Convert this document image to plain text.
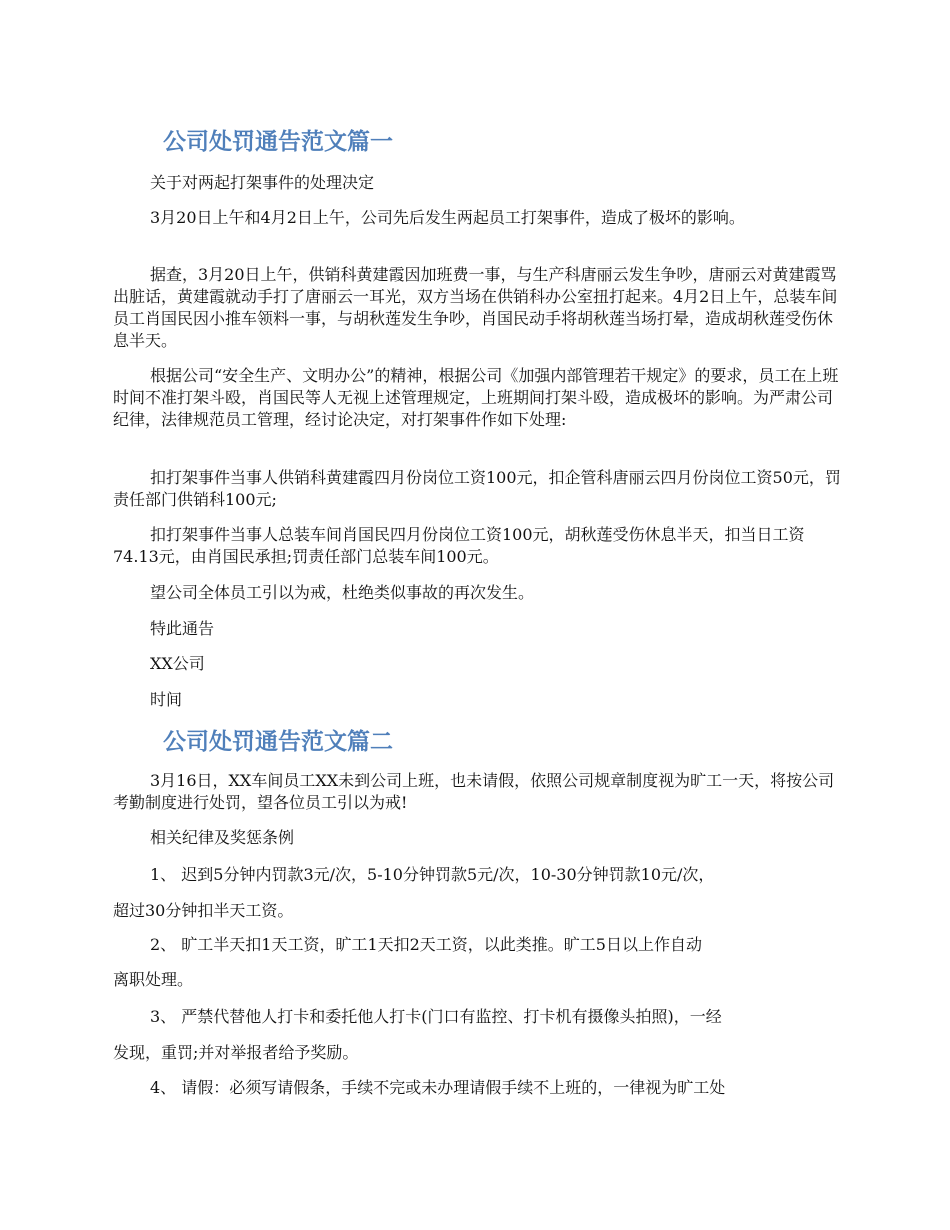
公司处罚通告范文篇一

关于对两起打架事件的处理决定

3月20日上午和4月2日上午，公司先后发生两起员工打架事件，造成了极坏的影响。

据查，3月20日上午，供销科黄建霞因加班费一事，与生产科唐丽云发生争吵，唐丽云对黄建霞骂出脏话，黄建霞就动手打了唐丽云一耳光，双方当场在供销科办公室扭打起来。4月2日上午，总装车间员工肖国民因小推车领料一事，与胡秋莲发生争吵，肖国民动手将胡秋莲当场打晕，造成胡秋莲受伤休息半天。

根据公司“安全生产、文明办公”的精神，根据公司《加强内部管理若干规定》的要求，员工在上班时间不准打架斗殴，肖国民等人无视上述管理规定，上班期间打架斗殴，造成极坏的影响。为严肃公司纪律，法律规范员工管理，经讨论决定，对打架事件作如下处理:

扣打架事件当事人供销科黄建霞四月份岗位工资100元，扣企管科唐丽云四月份岗位工资50元，罚责任部门供销科100元;

扣打架事件当事人总装车间肖国民四月份岗位工资100元，胡秋莲受伤休息半天，扣当日工资74.13元，由肖国民承担;罚责任部门总装车间100元。

望公司全体员工引以为戒，杜绝类似事故的再次发生。

特此通告

XX公司

时间

公司处罚通告范文篇二

3月16日，XX车间员工XX未到公司上班，也未请假，依照公司规章制度视为旷工一天，将按公司考勤制度进行处罚，望各位员工引以为戒!

相关纪律及奖惩条例

1、 迟到5分钟内罚款3元/次，5-10分钟罚款5元/次，10-30分钟罚款10元/次，

超过30分钟扣半天工资。

2、 旷工半天扣1天工资，旷工1天扣2天工资，以此类推。旷工5日以上作自动

离职处理。

3、 严禁代替他人打卡和委托他人打卡(门口有监控、打卡机有摄像头拍照)，一经

发现，重罚;并对举报者给予奖励。

4、 请假：必须写请假条，手续不完或未办理请假手续不上班的，一律视为旷工处
